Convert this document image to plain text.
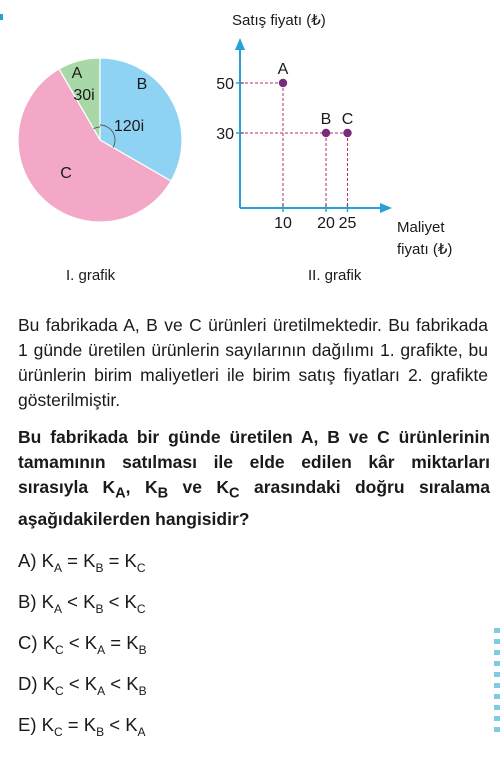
A
30i
B
120i
C
Satış fiyatı (₺)
Maliyet
fiyatı (₺)
10 20 25
30
50
A
B C
I. grafik	II. grafik

Bu fabrikada A, B ve C ürünleri üretilmektedir. Bu fabrikada 1 günde üretilen ürünlerin sayılarının dağılımı 1. grafikte, bu ürünlerin birim maliyetleri ile birim satış fiyatları 2. grafikte gösterilmiştir.

Bu fabrikada bir günde üretilen A, B ve C ürünlerinin tamamının satılması ile elde edilen kâr miktarları sırasıyla $K_A$, $K_B$ ve $K_C$ arasındaki doğru sıralama aşağıdakilerden hangisidir?

A) $K_A = K_B = K_C$
B) $K_A < K_B < K_C$
C) $K_C < K_A = K_B$
D) $K_C < K_A < K_B$
E) $K_C = K_B < K_A$
